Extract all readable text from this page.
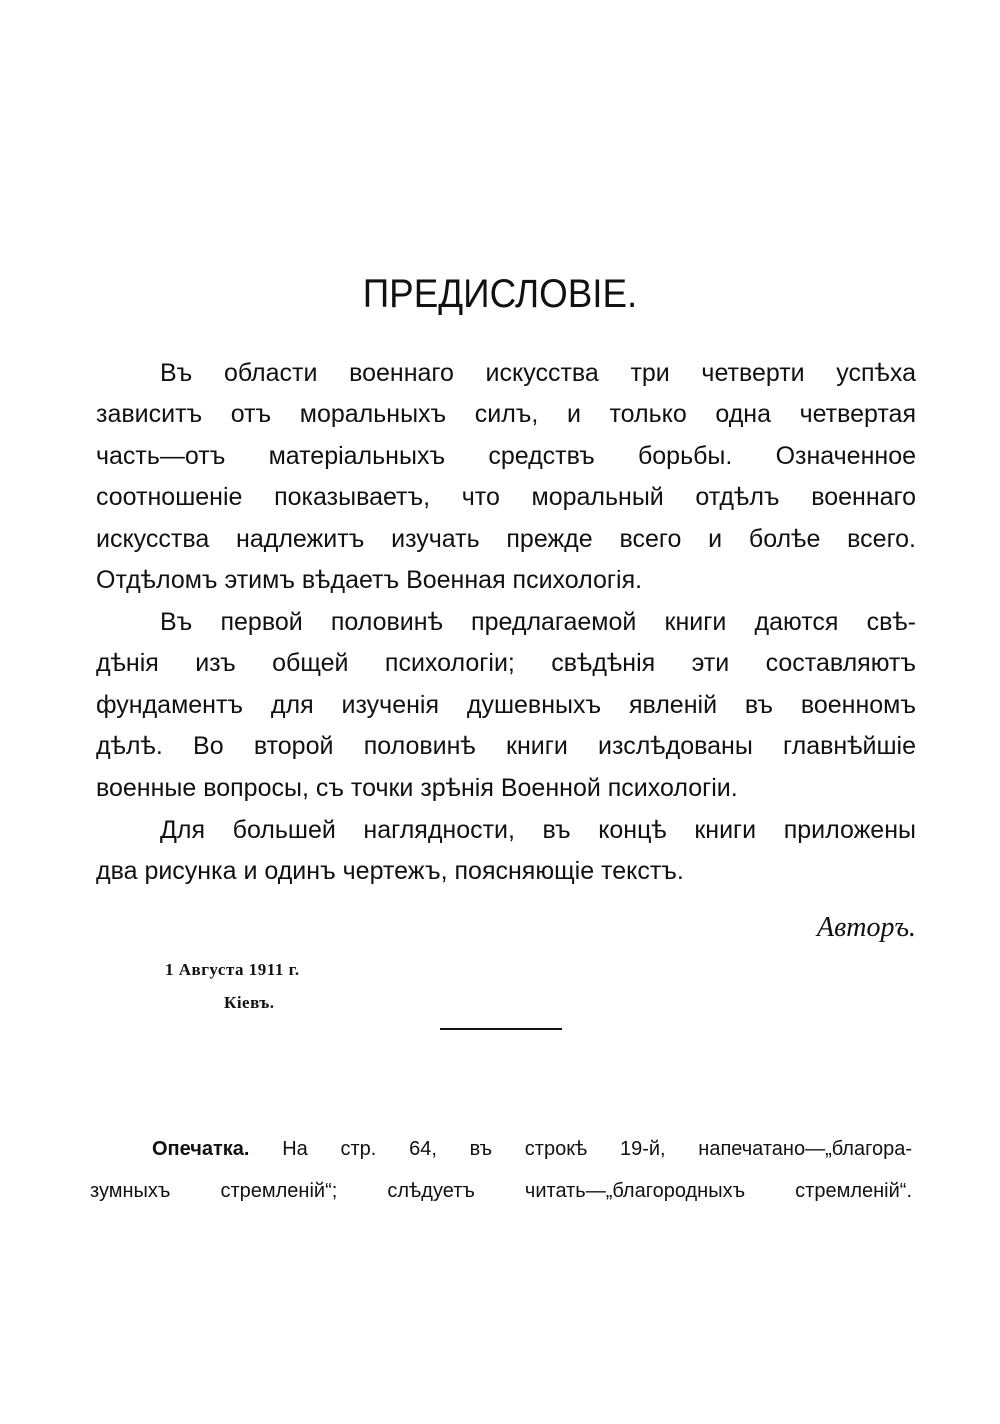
ПРЕДИСЛОВІЕ.
Въ области военнаго искусства три четверти успѣха
зависитъ отъ моральныхъ силъ, и только одна четвертая
часть—отъ матеріальныхъ средствъ борьбы. Означенное
соотношеніе показываетъ, что моральный отдѣлъ военнаго
искусства надлежитъ изучать прежде всего и болѣе всего.
Отдѣломъ этимъ вѣдаетъ Военная психологія.
Въ первой половинѣ предлагаемой книги даются свѣ-
дѣнія изъ общей психологіи; свѣдѣнія эти составляютъ
фундаментъ для изученія душевныхъ явленій въ военномъ
дѣлѣ. Во второй половинѣ книги изслѣдованы главнѣйшіе
военные вопросы, съ точки зрѣнія Военной психологіи.
Для большей наглядности, въ концѣ книги приложены
два рисунка и одинъ чертежъ, поясняющіе текстъ.
Авторъ.
1 Августа 1911 г.
Кіевъ.
Опечатка. На стр. 64, въ строкѣ 19-й, напечатано—„благора-
зумныхъ стремленій“; слѣдуетъ читать—„благородныхъ стремленій“.
